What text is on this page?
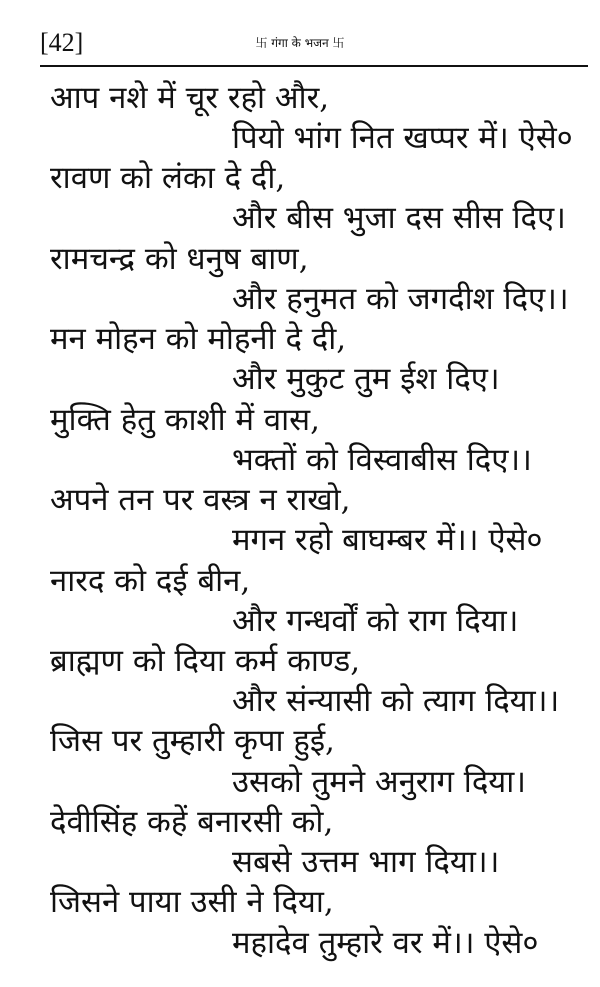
[42]	卐 गंगा के भजन 卐
आप नशे में चूर रहो और,
पियो भांग नित खप्पर में। ऐसे०
रावण को लंका दे दी,
और बीस भुजा दस सीस दिए।
रामचन्द्र को धनुष बाण,
और हनुमत को जगदीश दिए।।
मन मोहन को मोहनी दे दी,
और मुकुट तुम ईश दिए।
मुक्ति हेतु काशी में वास,
भक्तों को विस्वाबीस दिए।।
अपने तन पर वस्त्र न राखो,
मगन रहो बाघम्बर में।। ऐसे०
नारद को दई बीन,
और गन्धर्वों को राग दिया।
ब्राह्मण को दिया कर्म काण्ड,
और संन्यासी को त्याग दिया।।
जिस पर तुम्हारी कृपा हुई,
उसको तुमने अनुराग दिया।
देवीसिंह कहें बनारसी को,
सबसे उत्तम भाग दिया।।
जिसने पाया उसी ने दिया,
महादेव तुम्हारे वर में।। ऐसे०
